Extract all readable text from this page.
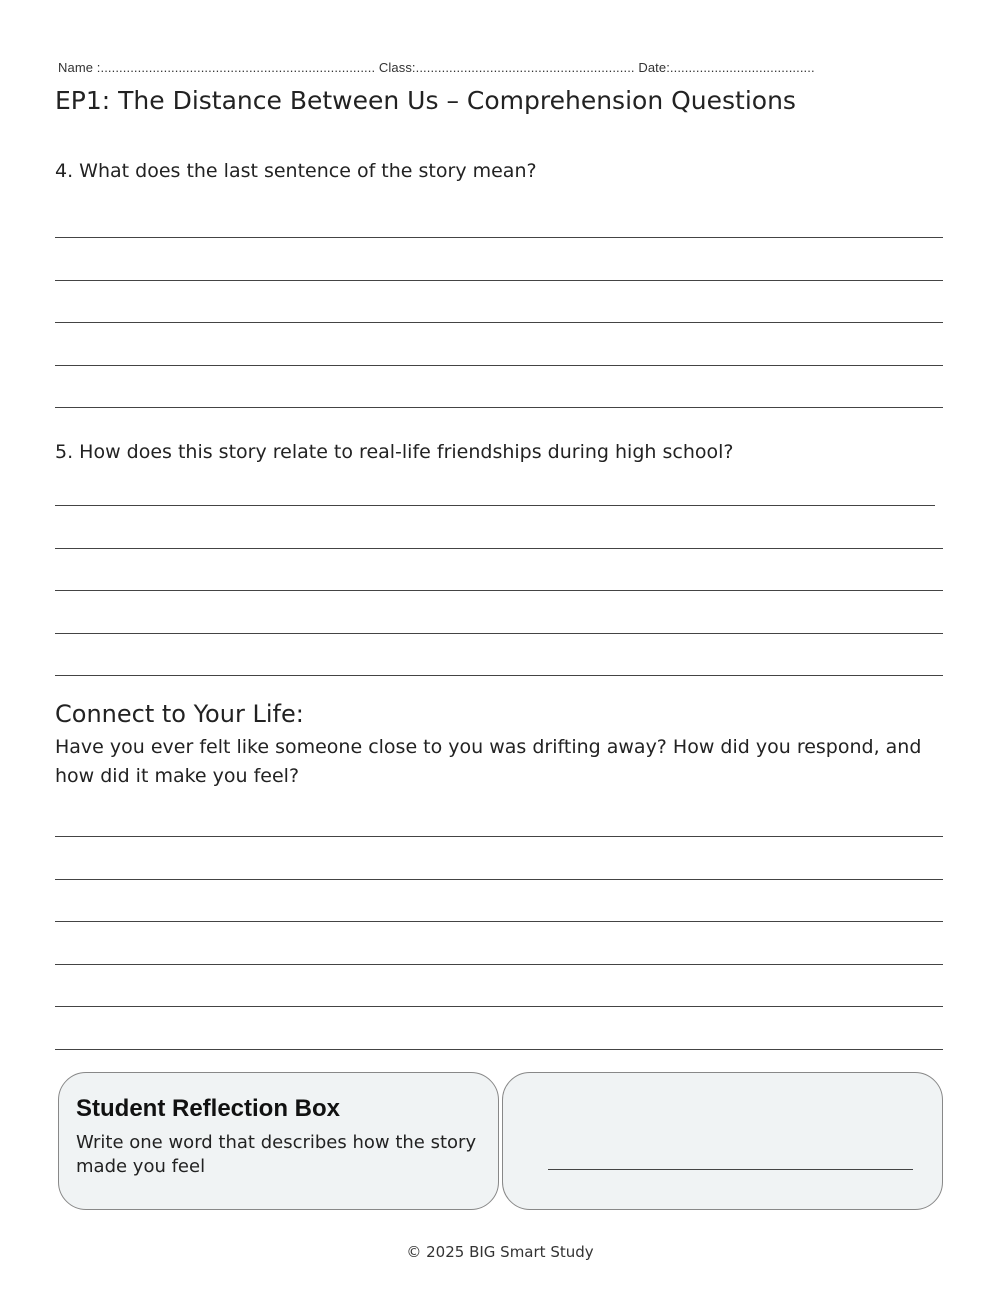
Name :.......................................................................... Class:........................................................... Date:.......................................
EP1: The Distance Between Us – Comprehension Questions
4. What does the last sentence of the story mean?
5. How does this story relate to real-life friendships during high school?
Connect to Your Life:
Have you ever felt like someone close to you was drifting away? How did you respond, and how did it make you feel?
Student Reflection Box
Write one word that describes how the story made you feel
© 2025 BIG Smart Study
